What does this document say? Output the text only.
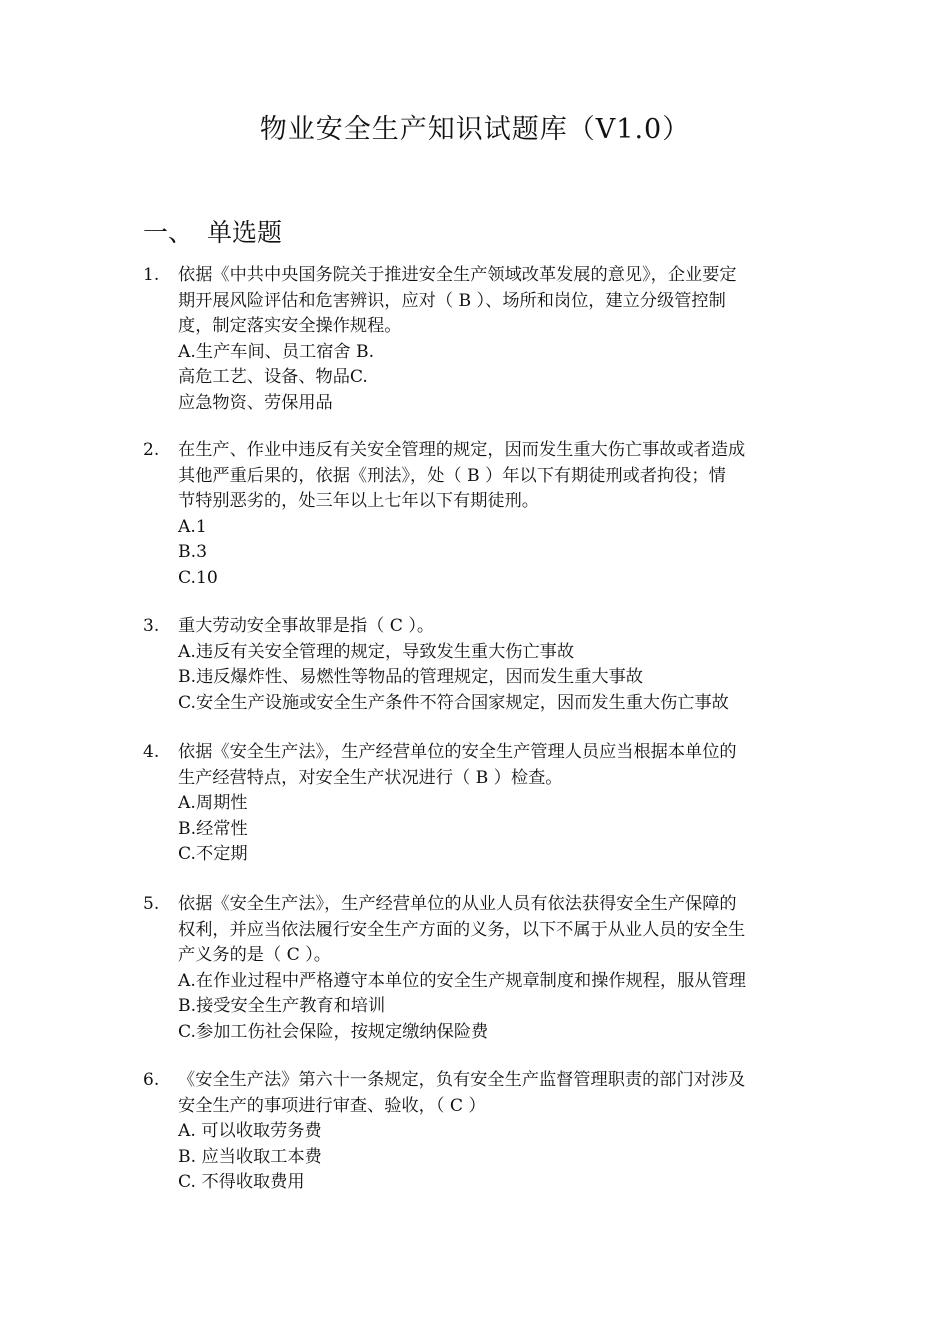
物业安全生产知识试题库（V1.0）
一、 单选题
1.	依据《中共中央国务院关于推进安全生产领域改革发展的意见》，企业要定
期开展风险评估和危害辨识，应对（ B ）、场所和岗位，建立分级管控制
度，制定落实安全操作规程。
A.生产车间、员工宿舍 B.
高危工艺、设备、物品C.
应急物资、劳保用品
2.	在生产、作业中违反有关安全管理的规定，因而发生重大伤亡事故或者造成
其他严重后果的，依据《刑法》，处（ B ）年以下有期徒刑或者拘役；情
节特别恶劣的，处三年以上七年以下有期徒刑。
A.1
B.3
C.10
3.	重大劳动安全事故罪是指（ C ）。
A.违反有关安全管理的规定，导致发生重大伤亡事故
B.违反爆炸性、易燃性等物品的管理规定，因而发生重大事故
C.安全生产设施或安全生产条件不符合国家规定，因而发生重大伤亡事故
4.	依据《安全生产法》，生产经营单位的安全生产管理人员应当根据本单位的
生产经营特点，对安全生产状况进行（ B ）检查。
A.周期性
B.经常性
C.不定期
5.	依据《安全生产法》，生产经营单位的从业人员有依法获得安全生产保障的
权利，并应当依法履行安全生产方面的义务，以下不属于从业人员的安全生
产义务的是（ C ）。
A.在作业过程中严格遵守本单位的安全生产规章制度和操作规程，服从管理
B.接受安全生产教育和培训
C.参加工伤社会保险，按规定缴纳保险费
6.	《安全生产法》第六十一条规定，负有安全生产监督管理职责的部门对涉及
安全生产的事项进行审查、验收，（ C ）
A. 可以收取劳务费
B. 应当收取工本费
C. 不得收取费用
